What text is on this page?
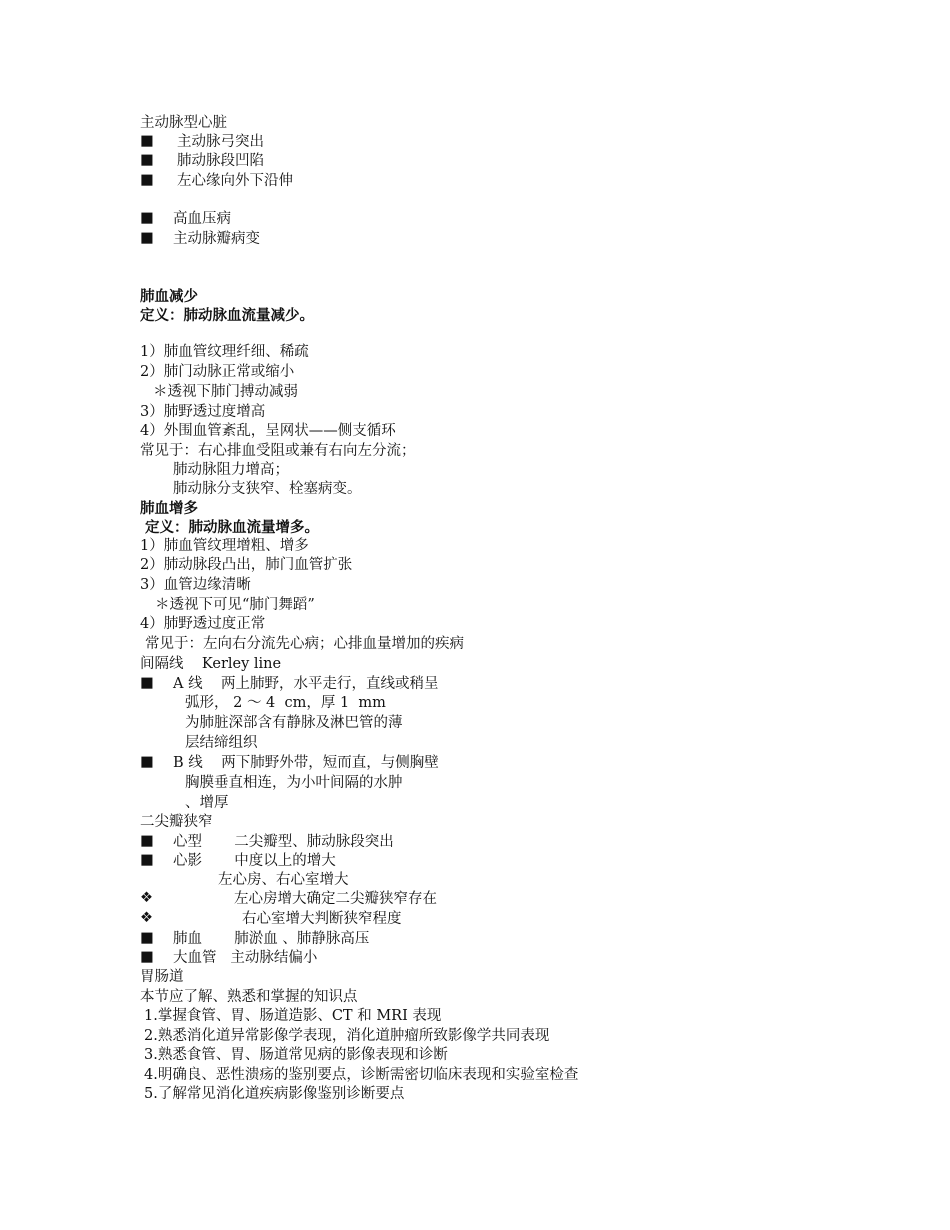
主动脉型心脏
■ 主动脉弓突出
■ 肺动脉段凹陷
■ 左心缘向外下沿伸
■ 高血压病
■ 主动脉瓣病变
肺血减少
定义：肺动脉血流量减少。
1）肺血管纹理纤细、稀疏
2）肺门动脉正常或缩小
＊透视下肺门搏动减弱
3）肺野透过度增高
4）外围血管紊乱，呈网状——侧支循环
常见于：右心排血受阻或兼有右向左分流；
肺动脉阻力增高；
肺动脉分支狭窄、栓塞病变。
肺血增多
定义：肺动脉血流量增多。
1）肺血管纹理增粗、增多
2）肺动脉段凸出，肺门血管扩张
3）血管边缘清晰
＊透视下可见“肺门舞蹈”
4）肺野透过度正常
常见于：左向右分流先心病；心排血量增加的疾病
间隔线    Kerley line
■ A 线    两上肺野，水平走行，直线或稍呈
弧形， 2 ～ 4  cm，厚 1  mm
为肺脏深部含有静脉及淋巴管的薄
层结缔组织
■ B 线    两下肺野外带，短而直，与侧胸壁
胸膜垂直相连，为小叶间隔的水肿
、增厚
二尖瓣狭窄
■ 心型       二尖瓣型、肺动脉段突出
■ 心影       中度以上的增大
左心房、右心室增大
❖	左心房增大确定二尖瓣狭窄存在
❖	右心室增大判断狭窄程度
■ 肺血       肺淤血 、肺静脉高压
■ 大血管   主动脉结偏小
胃肠道
本节应了解、熟悉和掌握的知识点
1.掌握食管、胃、肠道造影、CT 和 MRI 表现
2.熟悉消化道异常影像学表现，消化道肿瘤所致影像学共同表现
3.熟悉食管、胃、肠道常见病的影像表现和诊断
4.明确良、恶性溃疡的鉴别要点，诊断需密切临床表现和实验室检查
5.了解常见消化道疾病影像鉴别诊断要点
